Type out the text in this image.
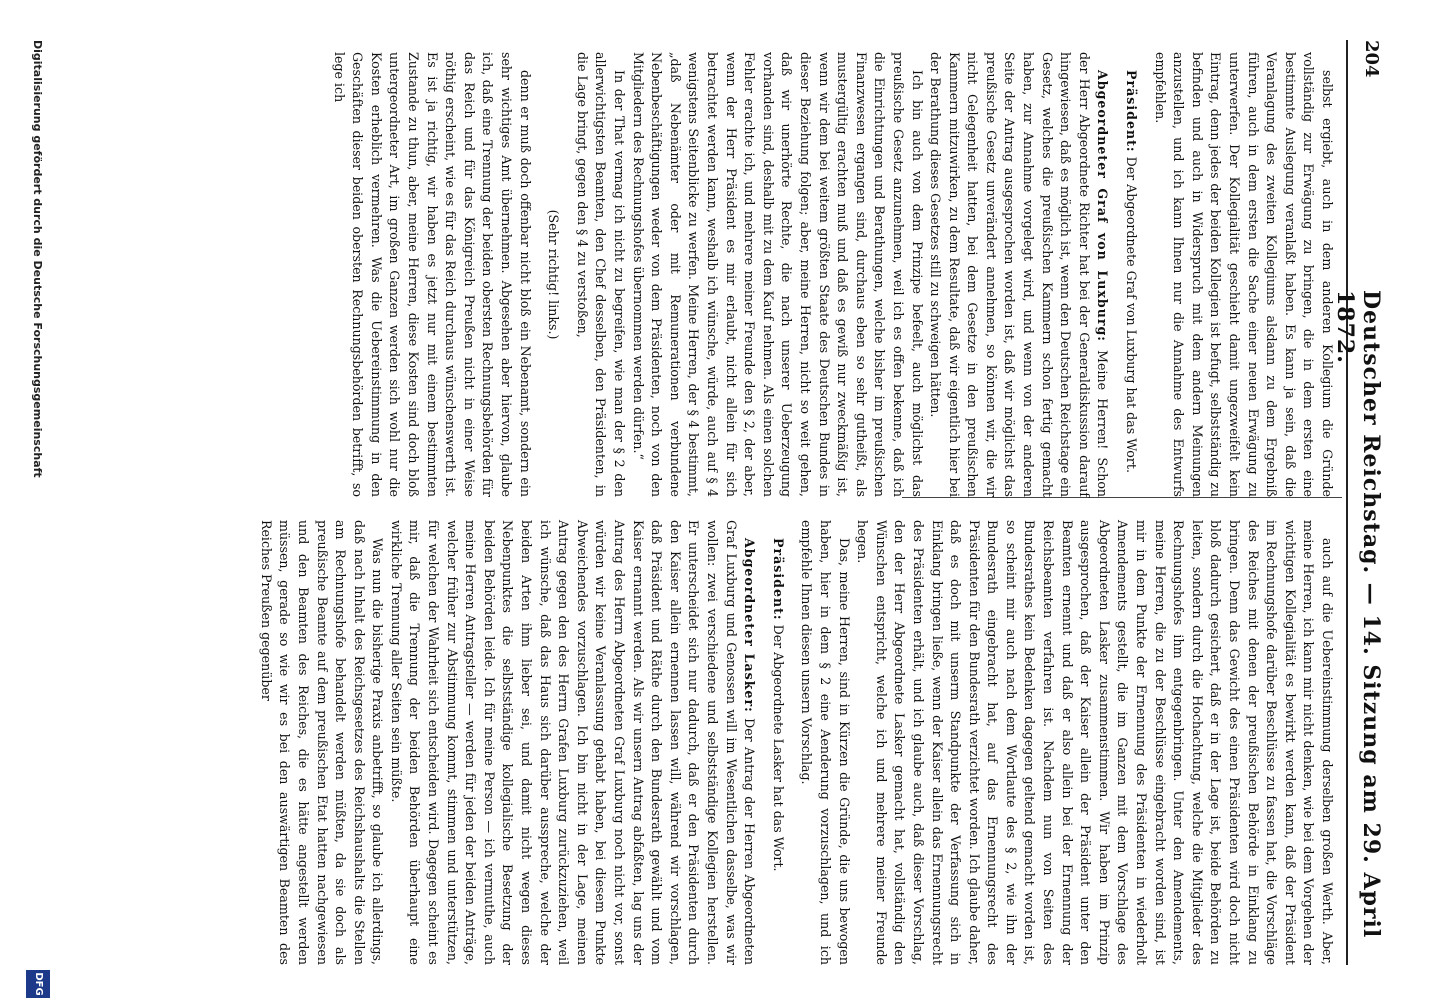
204
Deutscher Reichstag. — 14. Sitzung am 29. April 1872.

selbst ergiebt, auch in dem anderen Kollegium die Gründe vollständig zur Erwägung zu bringen, die in dem ersten eine bestimmte Auslegung veranlaßt haben. Es kann ja sein, daß die Veranlagung des zweiten Kollegiums alsdann zu dem Ergebniß führen, auch in dem ersten die Sache einer neuen Erwägung zu unterwerfen. Der Kollegialität geschieht damit ungezweifelt kein Eintrag, denn jedes der beiden Kollegien ist befugt, selbstständig zu befinden und auch in Widerspruch mit dem andern Meinungen anzustellen, und ich kann Ihnen nur die Annahme des Entwurfs empfehlen.

Präsident: Der Abgeordnete Graf von Luxburg hat das Wort.

Abgeordneter Graf von Luxburg: Meine Herren! Schon der Herr Abgeordnete Richter hat bei der Generaldiskussion darauf hingewiesen, daß es möglich ist, wenn den Deutschen Reichstage ein Gesetz, welches die preußischen Kammern schon fertig gemacht haben, zur Annahme vorgelegt wird, und wenn von der anderen Seite der Antrag ausgesprochen worden ist, daß wir möglichst das preußische Gesetz unverändert annehmen, so können wir, die wir nicht Gelegenheit hatten, bei dem Gesetze in den preußischen Kammern mitzuwirken, zu dem Resultate, daß wir eigentlich hier bei der Berathung dieses Gesetzes still zu schweigen hätten.

Ich bin auch von dem Prinzipe befeelt, auch möglichst das preußische Gesetz anzunehmen, weil ich es offen bekenne, daß ich die Einrichtungen und Berathungen, welche bisher im preußischen Finanzwesen ergangen sind, durchaus eben so sehr gutheißt, als mustergültig erachten muß und daß es gewiß nur zweckmäßig ist, wenn wir dem bei weitem größten Staate des Deutschen Bundes in dieser Beziehung folgen; aber, meine Herren, nicht so weit gehen, daß wir unerhörte Rechte, die nach unserer Ueberzeugung vorhanden sind, deshalb mit zu dem Kauf nehmen. Als einen solchen Fehler erachte ich, und mehrere meiner Freunde den § 2, der aber, wenn der Herr Präsident es mir erlaubt, nicht allein für sich betrachtet werden kann, weshalb ich wünsche, würde, auch auf § 4 wenigstens Seitenblicke zu werfen. Meine Herren, der § 4 bestimmt, „daß Nebenämter oder mit Remunerationen verbundene Nebenbeschäftigungen weder von dem Präsidenten, noch von den Mitgliedern des Rechnungshofes übernommen werden dürfen.“

In der That vermag ich nicht zu begreifen, wie man der § 2 den allerwichtigsten Beamten, den Chef desselben, den Präsidenten, in die Lage bringt, gegen den § 4 zu verstoßen,

(Sehr richtig! links.)

denn er muß doch offenbar nicht bloß ein Nebenamt, sondern ein sehr wichtiges Amt übernehmen. Abgesehen aber hiervon, glaube ich, daß eine Trennung der beiden obersten Rechnungsbehörden für das Reich und für das Königreich Preußen nicht in einer Weise nöthig erscheint, wie es für das Reich durchaus wünschenswerth ist. Es ist ja richtig, wir haben es jetzt nur mit einem bestimmten Zustande zu thun, aber, meine Herren, diese Kosten sind doch bloß untergeordneter Art, im großen Ganzen werden sich wohl nur die Kosten erheblich vermehren. Was die Uebereinstimmung in den Geschäften dieser beiden obersten Rechnungsbehörden betrifft, so lege ich

auch auf die Uebereinstimmung derselben großen Werth. Aber, meine Herren, ich kann mir nicht denken, wie bei dem Vorgehen der wichtigen Kollegialität es bewirkt werden kann, daß der Präsident im Rechnungshofe darüber Beschlüsse zu fassen hat, die Vorschläge des Reiches mit denen der preußischen Behörde in Einklang zu bringen. Denn das Gewicht des einen Präsidenten wird doch nicht bloß dadurch gesichert, daß er in der Lage ist, beide Behörden zu leiten, sondern durch die Hochachtung, welche die Mitglieder des Rechnungshofes ihm entgegenbringen. Unter den Amendements, meine Herren, die zu der Beschlüsse eingebracht worden sind, ist mir in dem Punkte der Ernennung des Präsidenten in wiederholt Amendements gestellt, die im Ganzen mit dem Vorschlage des Abgeordneten Lasker zusammenstimmen. Wir haben im Prinzip ausgesprochen, daß der Kaiser allein der Präsident unter den Beamten ernennt und daß er also allein bei der Ernennung der Reichsbeamten verfahren ist. Nachdem nun von Seiten des Bundesrathes kein Bedenken dagegen geltend gemacht worden ist, so scheint mir auch nach dem Wortlaute des § 2, wie ihn der Bundesrath eingebracht hat, auf das Ernennungsrecht des Präsidenten für den Bundesrath verzichtet worden. Ich glaube daher, daß es doch mit unserm Standpunkte der Verfassung sich in Einklang bringen ließe, wenn der Kaiser allein das Ernennungsrecht des Präsidenten erhält, und ich glaube auch, daß dieser Vorschlag, den der Herr Abgeordnete Lasker gemacht hat, vollständig den Wünschen entspricht, welche ich und mehrere meiner Freunde hegen.

Das, meine Herren, sind in Kürzen die Gründe, die uns bewogen haben, hier in dem § 2 eine Aenderung vorzuschlagen, und ich empfehle Ihnen diesen unsern Vorschlag.

Präsident: Der Abgeordnete Lasker hat das Wort.

Abgeordneter Lasker: Der Antrag der Herren Abgeordneten Graf Luxburg und Genossen will im Wesentlichen dasselbe, was wir wollen: zwei verschiedene und selbstständige Kollegien herstellen. Er unterscheidet sich nur dadurch, daß er den Präsidenten durch den Kaiser allein ernennen lassen will, während wir vorschlagen, daß Präsident und Räthe durch den Bundesrath gewählt und vom Kaiser ernannt werden. Als wir unsern Antrag abfaßten, lag uns der Antrag des Herrn Abgeordneten Graf Luxburg noch nicht vor, sonst würden wir keine Veranlassung gehabt haben, bei diesem Punkte Abweichendes vorzuschlagen. Ich bin nicht in der Lage, meinen Antrag gegen den des Herrn Grafen Luxburg zurückzuziehen, weil ich wünsche, daß das Haus sich darüber ausspreche, welche der beiden Arten ihm lieber sei, und damit nicht wegen dieses Nebenpunktes die selbstständige kollegialische Besetzung der beiden Behörden leide. Ich für meine Person — ich vermuthe, auch meine Herren Antragsteller — werden für jeden der beiden Anträge, welcher früher zur Abstimmung kommt, stimmen und unterstützen, für welchen der Wahrheit sich entscheiden wird. Dagegen scheint es mir, daß die Trennung der beiden Behörden überhaupt eine wirkliche Trennung aller Seiten sein müßte.

Was nun die bisherige Praxis anbetrifft, so glaube ich allerdings, daß nach Inhalt des Reichsgesetzes des Reichshaushalts die Stellen am Rechnungshofe behandelt werden müßten, da sie doch als preußische Beamte auf dem preußischen Etat hatten nachgewiesen und den Beamten des Reiches, die es hätte angestellt werden müssen, gerade so wie wir es bei den auswärtigen Beamten des Reiches Preußen gegenüber

Digitalisierung gefördert durch die Deutsche Forschungsgemeinschaft
DFG
